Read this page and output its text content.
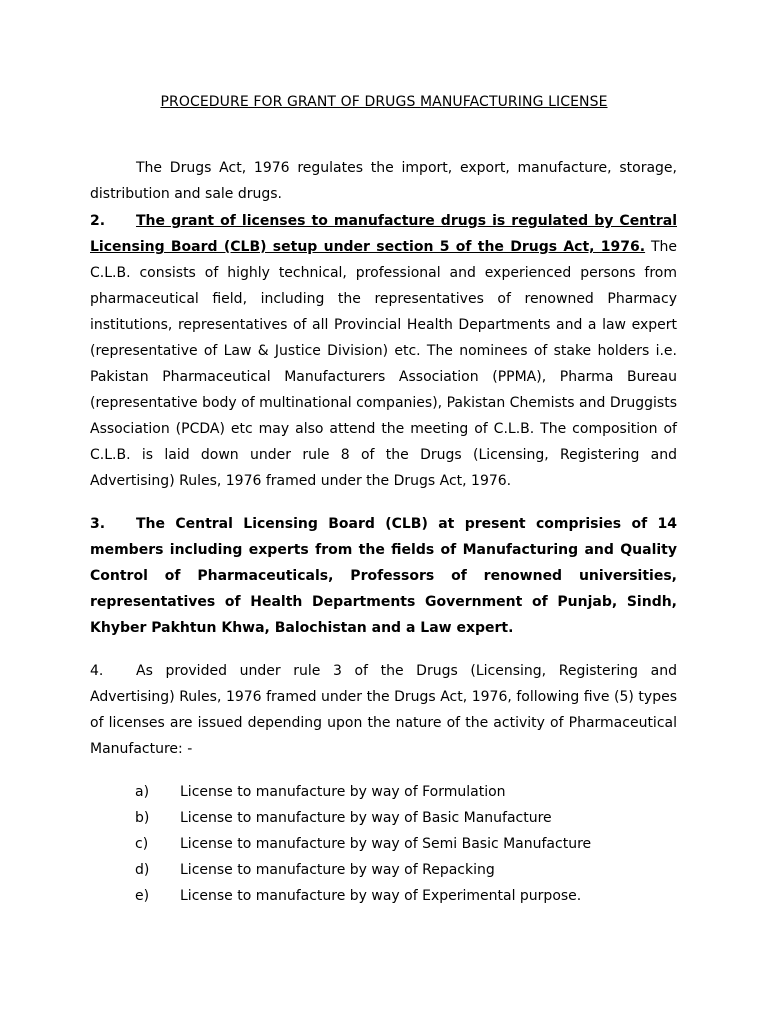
PROCEDURE FOR GRANT OF DRUGS MANUFACTURING LICENSE

The Drugs Act, 1976 regulates the import, export, manufacture, storage, distribution and sale drugs.

2. The grant of licenses to manufacture drugs is regulated by Central Licensing Board (CLB) setup under section 5 of the Drugs Act, 1976. The C.L.B. consists of highly technical, professional and experienced persons from pharmaceutical field, including the representatives of renowned Pharmacy institutions, representatives of all Provincial Health Departments and a law expert (representative of Law & Justice Division) etc. The nominees of stake holders i.e. Pakistan Pharmaceutical Manufacturers Association (PPMA), Pharma Bureau (representative body of multinational companies), Pakistan Chemists and Druggists Association (PCDA) etc may also attend the meeting of C.L.B. The composition of C.L.B. is laid down under rule 8 of the Drugs (Licensing, Registering and Advertising) Rules, 1976 framed under the Drugs Act, 1976.

3. The Central Licensing Board (CLB) at present comprisies of 14 members including experts from the fields of Manufacturing and Quality Control of Pharmaceuticals, Professors of renowned universities, representatives of Health Departments Government of Punjab, Sindh, Khyber Pakhtun Khwa, Balochistan and a Law expert.

4. As provided under rule 3 of the Drugs (Licensing, Registering and Advertising) Rules, 1976 framed under the Drugs Act, 1976, following five (5) types of licenses are issued depending upon the nature of the activity of Pharmaceutical Manufacture: -

a)	License to manufacture by way of Formulation
b)	License to manufacture by way of Basic Manufacture
c)	License to manufacture by way of Semi Basic Manufacture
d)	License to manufacture by way of Repacking
e)	License to manufacture by way of Experimental purpose.
